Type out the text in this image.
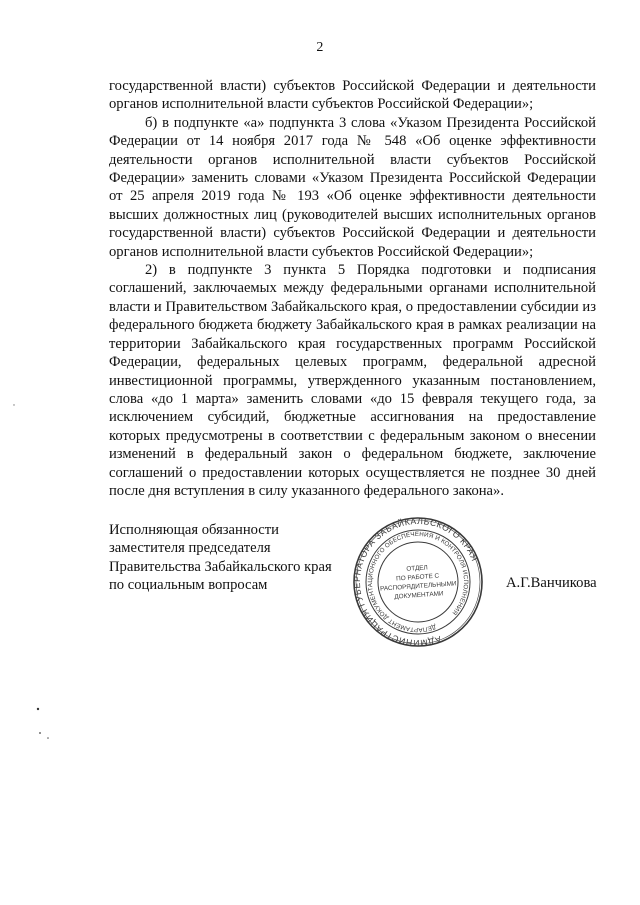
2

государственной власти) субъектов Российской Федерации и деятельности органов исполнительной власти субъектов Российской Федерации»;

б) в подпункте «а» подпункта 3 слова «Указом Президента Российской Федерации от 14 ноября 2017 года № 548 «Об оценке эффективности деятельности органов исполнительной власти субъектов Российской Федерации» заменить словами «Указом Президента Российской Федерации от 25 апреля 2019 года № 193 «Об оценке эффективности деятельности высших должностных лиц (руководителей высших исполнительных органов государственной власти) субъектов Российской Федерации и деятельности органов исполнительной власти субъектов Российской Федерации»;

2) в подпункте 3 пункта 5 Порядка подготовки и подписания соглашений, заключаемых между федеральными органами исполнительной власти и Правительством Забайкальского края, о предоставлении субсидии из федерального бюджета бюджету Забайкальского края в рамках реализации на территории Забайкальского края государственных программ Российской Федерации, федеральных целевых программ, федеральной адресной инвестиционной программы, утвержденного указанным постановлением, слова «до 1 марта» заменить словами «до 15 февраля текущего года, за исключением субсидий, бюджетные ассигнования на предоставление которых предусмотрены в соответствии с федеральным законом о внесении изменений в федеральный закон о федеральном бюджете, заключение соглашений о предоставлении которых осуществляется не позднее 30 дней после дня вступления в силу указанного федерального закона».

Исполняющая обязанности
заместителя председателя
Правительства Забайкальского края
по социальным вопросам	А.Г.Ванчикова
АДМИНИСТРАЦИЯ ГУБЕРНАТОРА ЗАБАЙКАЛЬСКОГО КРАЯ
ДЕПАРТАМЕНТ ДОКУМЕНТАЦИОННОГО ОБЕСПЕЧЕНИЯ И КОНТРОЛЯ ИСПОЛНЕНИЯ
ОТДЕЛ
ПО РАБОТЕ С
РАСПОРЯДИТЕЛЬНЫМИ
ДОКУМЕНТАМИ
